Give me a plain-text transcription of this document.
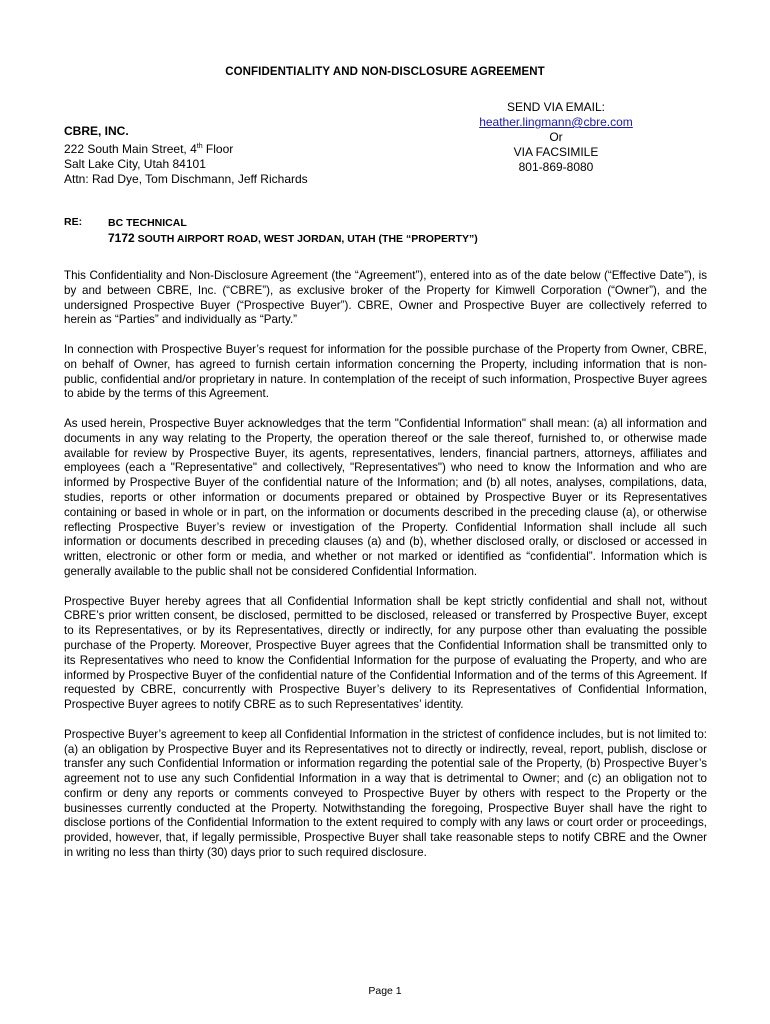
CONFIDENTIALITY AND NON-DISCLOSURE AGREEMENT
CBRE, INC.
222 South Main Street, 4th Floor
Salt Lake City, Utah 84101
Attn: Rad Dye, Tom Dischmann, Jeff Richards
SEND VIA EMAIL:
heather.lingmann@cbre.com
Or
VIA FACSIMILE
801-869-8080
RE: BC TECHNICAL
7172 SOUTH AIRPORT ROAD, WEST JORDAN, UTAH (THE “PROPERTY”)

This Confidentiality and Non-Disclosure Agreement (the “Agreement”), entered into as of the date below (“Effective Date”), is by and between CBRE, Inc. (“CBRE”), as exclusive broker of the Property for Kimwell Corporation (“Owner”), and the undersigned Prospective Buyer (“Prospective Buyer”). CBRE, Owner and Prospective Buyer are collectively referred to herein as “Parties” and individually as “Party.”

In connection with Prospective Buyer’s request for information for the possible purchase of the Property from Owner, CBRE, on behalf of Owner, has agreed to furnish certain information concerning the Property, including information that is non-public, confidential and/or proprietary in nature. In contemplation of the receipt of such information, Prospective Buyer agrees to abide by the terms of this Agreement.

As used herein, Prospective Buyer acknowledges that the term "Confidential Information" shall mean: (a) all information and documents in any way relating to the Property, the operation thereof or the sale thereof, furnished to, or otherwise made available for review by Prospective Buyer, its agents, representatives, lenders, financial partners, attorneys, affiliates and employees (each a "Representative" and collectively, "Representatives") who need to know the Information and who are informed by Prospective Buyer of the confidential nature of the Information; and (b) all notes, analyses, compilations, data, studies, reports or other information or documents prepared or obtained by Prospective Buyer or its Representatives containing or based in whole or in part, on the information or documents described in the preceding clause (a), or otherwise reflecting Prospective Buyer’s review or investigation of the Property. Confidential Information shall include all such information or documents described in preceding clauses (a) and (b), whether disclosed orally, or disclosed or accessed in written, electronic or other form or media, and whether or not marked or identified as “confidential”. Information which is generally available to the public shall not be considered Confidential Information.

Prospective Buyer hereby agrees that all Confidential Information shall be kept strictly confidential and shall not, without CBRE’s prior written consent, be disclosed, permitted to be disclosed, released or transferred by Prospective Buyer, except to its Representatives, or by its Representatives, directly or indirectly, for any purpose other than evaluating the possible purchase of the Property. Moreover, Prospective Buyer agrees that the Confidential Information shall be transmitted only to its Representatives who need to know the Confidential Information for the purpose of evaluating the Property, and who are informed by Prospective Buyer of the confidential nature of the Confidential Information and of the terms of this Agreement. If requested by CBRE, concurrently with Prospective Buyer’s delivery to its Representatives of Confidential Information, Prospective Buyer agrees to notify CBRE as to such Representatives’ identity.

Prospective Buyer’s agreement to keep all Confidential Information in the strictest of confidence includes, but is not limited to: (a) an obligation by Prospective Buyer and its Representatives not to directly or indirectly, reveal, report, publish, disclose or transfer any such Confidential Information or information regarding the potential sale of the Property, (b) Prospective Buyer’s agreement not to use any such Confidential Information in a way that is detrimental to Owner; and (c) an obligation not to confirm or deny any reports or comments conveyed to Prospective Buyer by others with respect to the Property or the businesses currently conducted at the Property. Notwithstanding the foregoing, Prospective Buyer shall have the right to disclose portions of the Confidential Information to the extent required to comply with any laws or court order or proceedings, provided, however, that, if legally permissible, Prospective Buyer shall take reasonable steps to notify CBRE and the Owner in writing no less than thirty (30) days prior to such required disclosure.

Page 1
